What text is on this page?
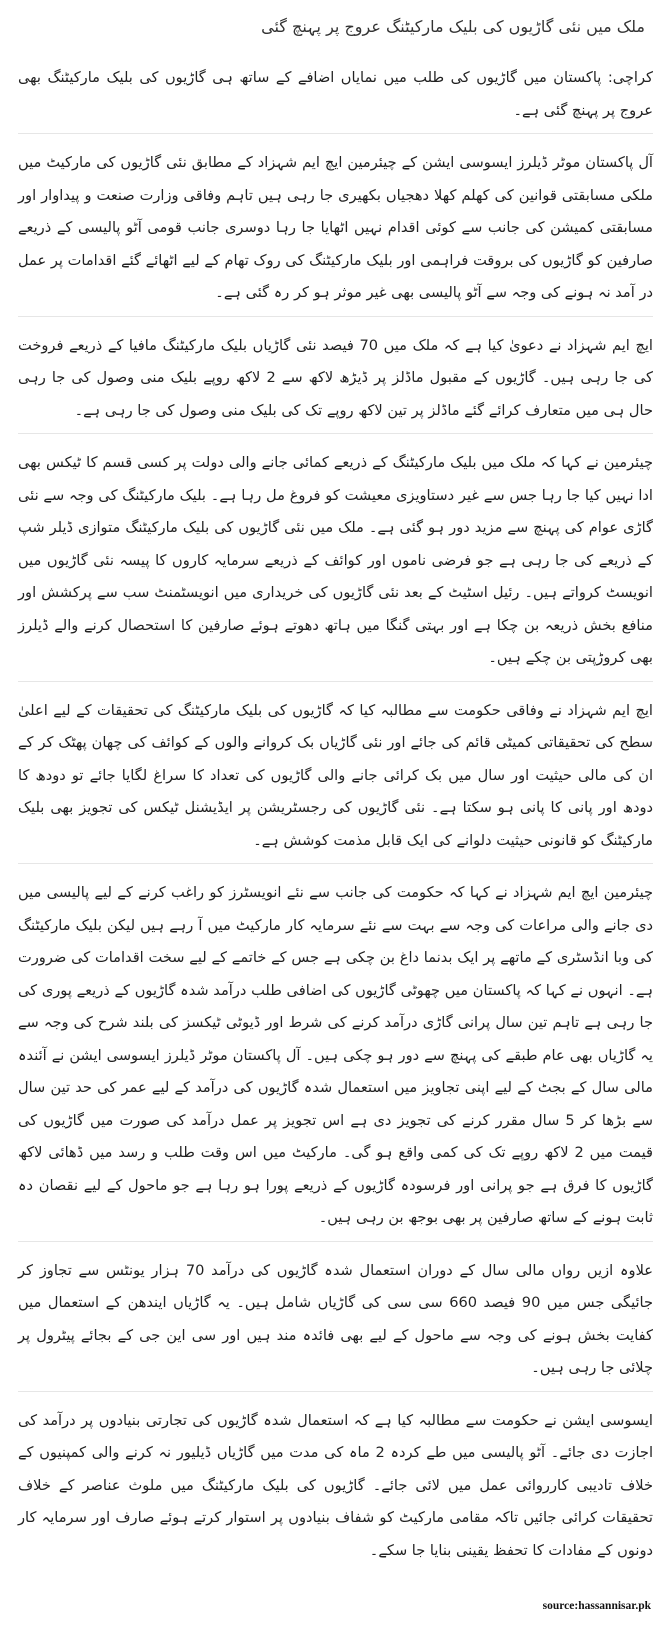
ملک میں نئی گاڑیوں کی بلیک مارکیٹنگ عروج پر پہنچ گئی

کراچی: پاکستان میں گاڑیوں کی طلب میں نمایاں اضافے کے ساتھ ہی گاڑیوں کی بلیک مارکیٹنگ بھی عروج پر پہنچ گئی ہے۔

آل پاکستان موٹر ڈیلرز ایسوسی ایشن کے چیئرمین ایچ ایم شہزاد کے مطابق نئی گاڑیوں کی مارکیٹ میں ملکی مسابقتی قوانین کی کھلم کھلا دھجیاں بکھیری جا رہی ہیں تاہم وفاقی وزارت صنعت و پیداوار اور مسابقتی کمیشن کی جانب سے کوئی اقدام نہیں اٹھایا جا رہا دوسری جانب قومی آٹو پالیسی کے ذریعے صارفین کو گاڑیوں کی بروقت فراہمی اور بلیک مارکیٹنگ کی روک تھام کے لیے اٹھائے گئے اقدامات پر عمل در آمد نہ ہونے کی وجہ سے آٹو پالیسی بھی غیر موثر ہو کر رہ گئی ہے۔

ایچ ایم شہزاد نے دعویٰ کیا ہے کہ ملک میں 70 فیصد نئی گاڑیاں بلیک مارکیٹنگ مافیا کے ذریعے فروخت کی جا رہی ہیں۔ گاڑیوں کے مقبول ماڈلز پر ڈیڑھ لاکھ سے 2 لاکھ روپے بلیک منی وصول کی جا رہی حال ہی میں متعارف کرائے گئے ماڈلز پر تین لاکھ روپے تک کی بلیک منی وصول کی جا رہی ہے۔

چیئرمین نے کہا کہ ملک میں بلیک مارکیٹنگ کے ذریعے کمائی جانے والی دولت پر کسی قسم کا ٹیکس بھی ادا نہیں کیا جا رہا جس سے غیر دستاویزی معیشت کو فروغ مل رہا ہے۔ بلیک مارکیٹنگ کی وجہ سے نئی گاڑی عوام کی پہنچ سے مزید دور ہو گئی ہے۔ ملک میں نئی گاڑیوں کی بلیک مارکیٹنگ متوازی ڈیلر شپ کے ذریعے کی جا رہی ہے جو فرضی ناموں اور کوائف کے ذریعے سرمایہ کاروں کا پیسہ نئی گاڑیوں میں انویسٹ کرواتے ہیں۔ رئیل اسٹیٹ کے بعد نئی گاڑیوں کی خریداری میں انویسٹمنٹ سب سے پرکشش اور منافع بخش ذریعہ بن چکا ہے اور بہتی گنگا میں ہاتھ دھوتے ہوئے صارفین کا استحصال کرنے والے ڈیلرز بھی کروڑپتی بن چکے ہیں۔

ایچ ایم شہزاد نے وفاقی حکومت سے مطالبہ کیا کہ گاڑیوں کی بلیک مارکیٹنگ کی تحقیقات کے لیے اعلیٰ سطح کی تحقیقاتی کمیٹی قائم کی جائے اور نئی گاڑیاں بک کروانے والوں کے کوائف کی چھان پھٹک کر کے ان کی مالی حیثیت اور سال میں بک کرائی جانے والی گاڑیوں کی تعداد کا سراغ لگایا جائے تو دودھ کا دودھ اور پانی کا پانی ہو سکتا ہے۔ نئی گاڑیوں کی رجسٹریشن پر ایڈیشنل ٹیکس کی تجویز بھی بلیک مارکیٹنگ کو قانونی حیثیت دلوانے کی ایک قابل مذمت کوشش ہے۔

چیئرمین ایچ ایم شہزاد نے کہا کہ حکومت کی جانب سے نئے انویسٹرز کو راغب کرنے کے لیے پالیسی میں دی جانے والی مراعات کی وجہ سے بہت سے نئے سرمایہ کار مارکیٹ میں آ رہے ہیں لیکن بلیک مارکیٹنگ کی وبا انڈسٹری کے ماتھے پر ایک بدنما داغ بن چکی ہے جس کے خاتمے کے لیے سخت اقدامات کی ضرورت ہے۔ انہوں نے کہا کہ پاکستان میں چھوٹی گاڑیوں کی اضافی طلب درآمد شدہ گاڑیوں کے ذریعے پوری کی جا رہی ہے تاہم تین سال پرانی گاڑی درآمد کرنے کی شرط اور ڈیوٹی ٹیکسز کی بلند شرح کی وجہ سے یہ گاڑیاں بھی عام طبقے کی پہنچ سے دور ہو چکی ہیں۔ آل پاکستان موٹر ڈیلرز ایسوسی ایشن نے آئندہ مالی سال کے بجٹ کے لیے اپنی تجاویز میں استعمال شدہ گاڑیوں کی درآمد کے لیے عمر کی حد تین سال سے بڑھا کر 5 سال مقرر کرنے کی تجویز دی ہے اس تجویز پر عمل درآمد کی صورت میں گاڑیوں کی قیمت میں 2 لاکھ روپے تک کی کمی واقع ہو گی۔ مارکیٹ میں اس وقت طلب و رسد میں ڈھائی لاکھ گاڑیوں کا فرق ہے جو پرانی اور فرسودہ گاڑیوں کے ذریعے پورا ہو رہا ہے جو ماحول کے لیے نقصان دہ ثابت ہونے کے ساتھ صارفین پر بھی بوجھ بن رہی ہیں۔

علاوہ ازیں رواں مالی سال کے دوران استعمال شدہ گاڑیوں کی درآمد 70 ہزار یونٹس سے تجاوز کر جائیگی جس میں 90 فیصد 660 سی سی کی گاڑیاں شامل ہیں۔ یہ گاڑیاں ایندھن کے استعمال میں کفایت بخش ہونے کی وجہ سے ماحول کے لیے بھی فائدہ مند ہیں اور سی این جی کے بجائے پیٹرول پر چلائی جا رہی ہیں۔

ایسوسی ایشن نے حکومت سے مطالبہ کیا ہے کہ استعمال شدہ گاڑیوں کی تجارتی بنیادوں پر درآمد کی اجازت دی جائے۔ آٹو پالیسی میں طے کردہ 2 ماہ کی مدت میں گاڑیاں ڈیلیور نہ کرنے والی کمپنیوں کے خلاف تادیبی کارروائی عمل میں لائی جائے۔ گاڑیوں کی بلیک مارکیٹنگ میں ملوث عناصر کے خلاف تحقیقات کرائی جائیں تاکہ مقامی مارکیٹ کو شفاف بنیادوں پر استوار کرتے ہوئے صارف اور سرمایہ کار دونوں کے مفادات کا تحفظ یقینی بنایا جا سکے۔

source:hassannisar.pk
